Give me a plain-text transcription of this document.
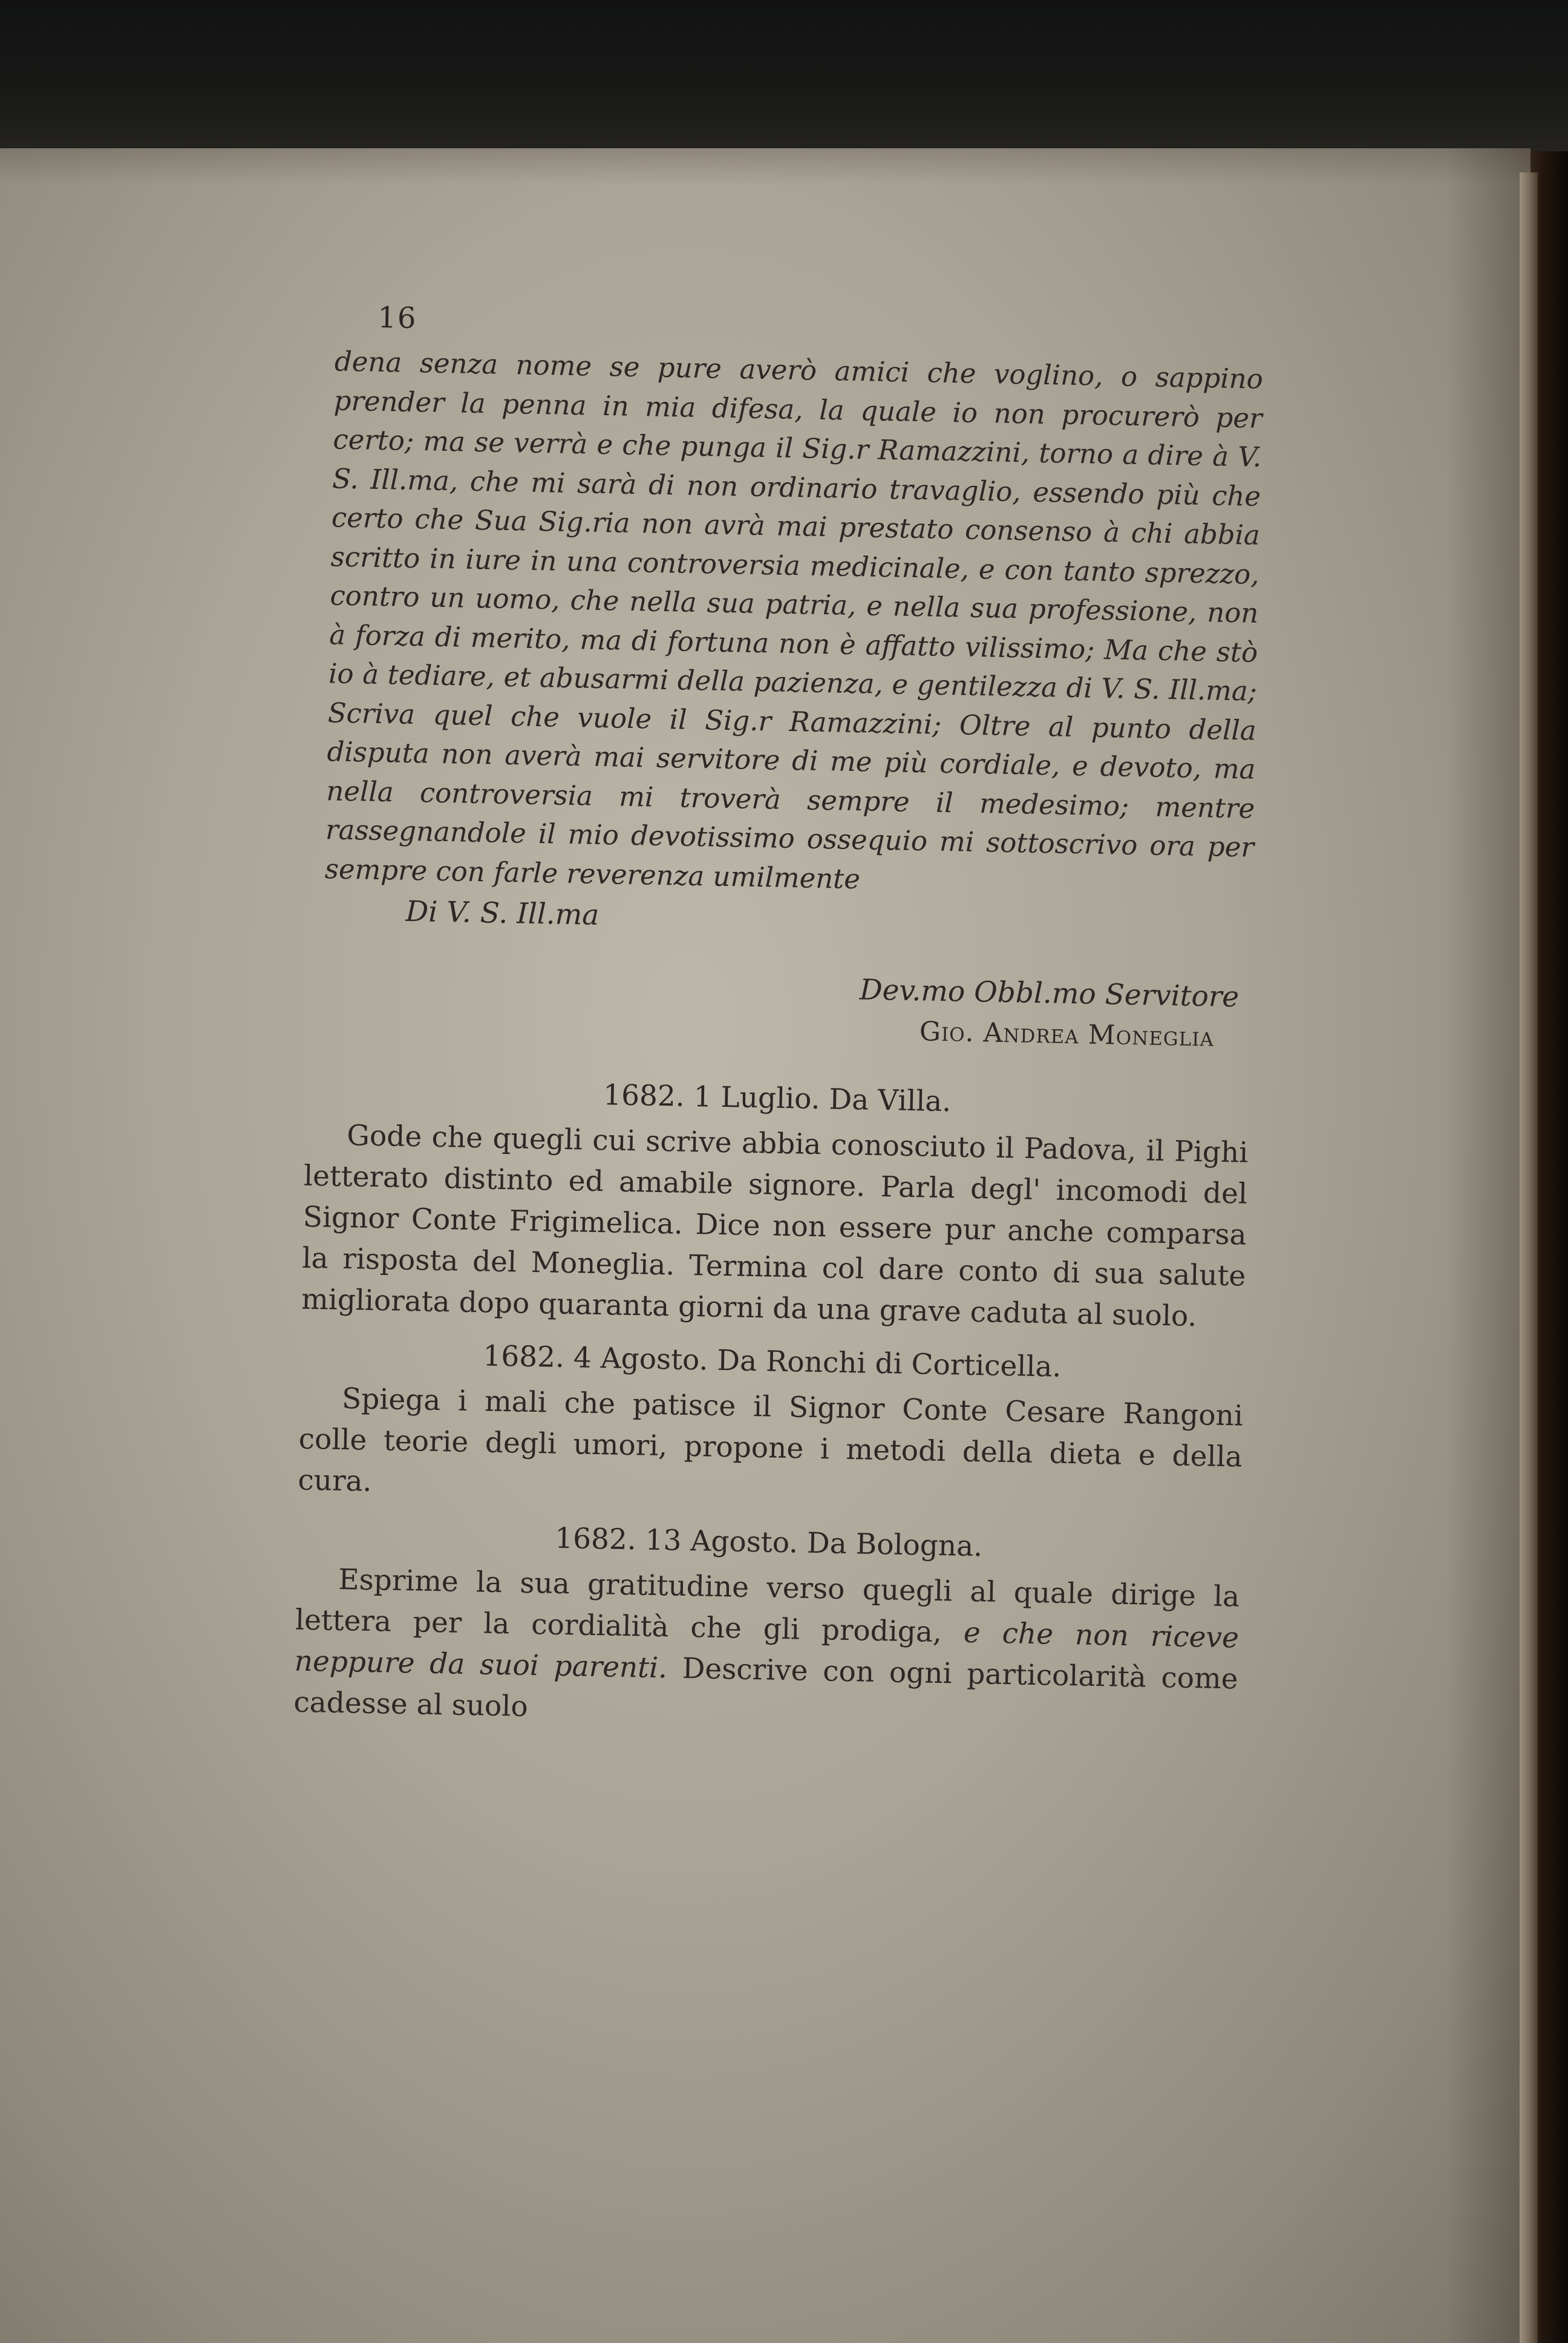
16

dena senza nome se pure averò amici che voglino, o sappino prender la penna in mia difesa, la quale io non procurerò per certo; ma se verrà e che punga il Sig.r Ramazzini, torno a dire à V. S. Ill.ma, che mi sarà di non ordinario travaglio, essendo più che certo che Sua Sig.ria non avrà mai prestato consenso à chi abbia scritto in iure in una controversia medicinale, e con tanto sprezzo, contro un uomo, che nella sua patria, e nella sua professione, non à forza di merito, ma di fortuna non è affatto vilissimo; Ma che stò io à tediare, et abusarmi della pazienza, e gentilezza di V. S. Ill.ma; Scriva quel che vuole il Sig.r Ramazzini; Oltre al punto della disputa non averà mai servitore di me più cordiale, e devoto, ma nella controversia mi troverà sempre il medesimo; mentre rassegnandole il mio devotissimo ossequio mi sottoscrivo ora per sempre con farle reverenza umilmente

Di V. S. Ill.ma
Dev.mo Obbl.mo Servitore
Gio. Andrea Moneglia
1682. 1 Luglio. Da Villa.

Gode che quegli cui scrive abbia conosciuto il Padova, il Pighi letterato distinto ed amabile signore. Parla degl' incomodi del Signor Conte Frigimelica. Dice non essere pur anche comparsa la risposta del Moneglia. Termina col dare conto di sua salute migliorata dopo quaranta giorni da una grave caduta al suolo.

1682. 4 Agosto. Da Ronchi di Corticella.

Spiega i mali che patisce il Signor Conte Cesare Rangoni colle teorie degli umori, propone i metodi della dieta e della cura.

1682. 13 Agosto. Da Bologna.

Esprime la sua gratitudine verso quegli al quale dirige la lettera per la cordialità che gli prodiga, e che non riceve neppure da suoi parenti. Descrive con ogni particolarità come cadesse al suolo
